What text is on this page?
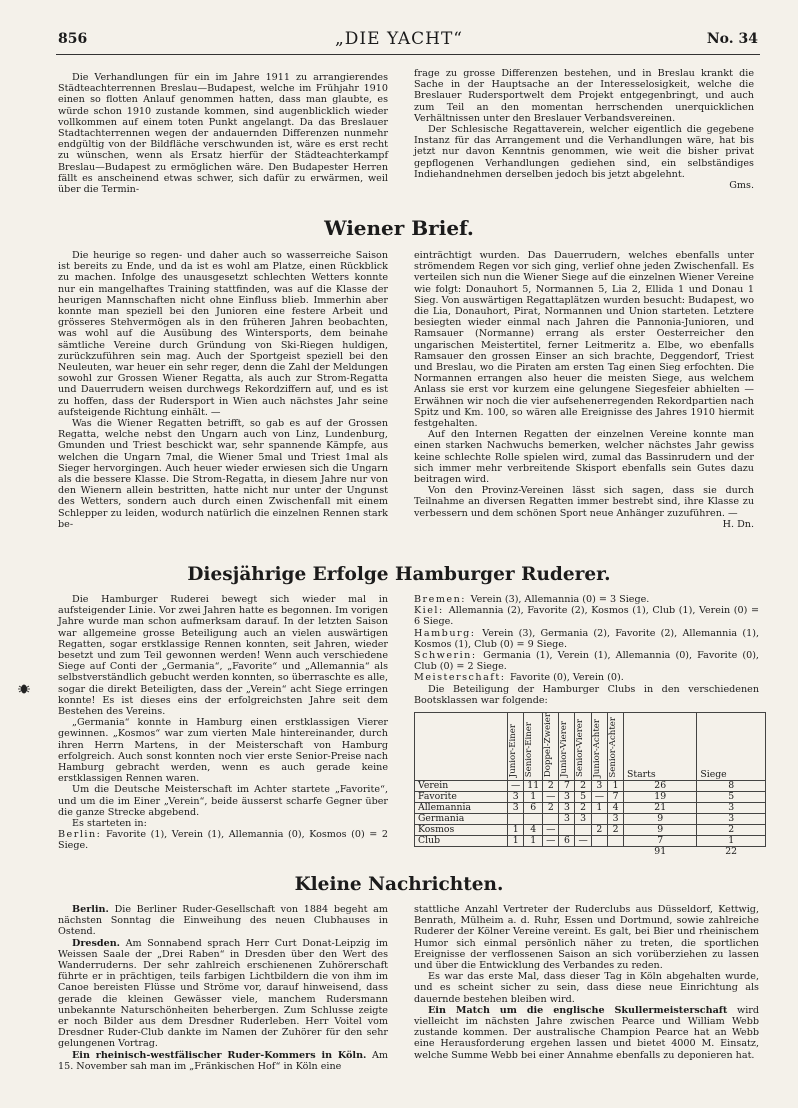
856	„DIE YACHT“	No. 34

Die Verhandlungen für ein im Jahre 1911 zu arrangierendes Städteachterrennen Breslau—Budapest, welche im Frühjahr 1910 einen so flotten Anlauf genommen hatten, dass man glaubte, es würde schon 1910 zustande kommen, sind augenblicklich wieder vollkommen auf einem toten Punkt angelangt. Da das Breslauer Stadtachterrennen wegen der andauernden Differenzen nunmehr endgültig von der Bildfläche verschwunden ist, wäre es erst recht zu wünschen, wenn als Ersatz hierfür der Städteachterkampf Breslau—Budapest zu ermöglichen wäre. Den Budapester Herren fällt es anscheinend etwas schwer, sich dafür zu erwärmen, weil über die Termin-

frage zu grosse Differenzen bestehen, und in Breslau krankt die Sache in der Hauptsache an der Interesselosigkeit, welche die Breslauer Rudersportwelt dem Projekt entgegenbringt, und auch zum Teil an den momentan herrschenden unerquicklichen Verhältnissen unter den Breslauer Verbandsvereinen.

Der Schlesische Regattaverein, welcher eigentlich die gegebene Instanz für das Arrangement und die Verhandlungen wäre, hat bis jetzt nur davon Kenntnis genommen, wie weit die bisher privat gepflogenen Verhandlungen gediehen sind, ein selbständiges Indiehandnehmen derselben jedoch bis jetzt abgelehnt.

Gms.

Wiener Brief.

Die heurige so regen- und daher auch so wasserreiche Saison ist bereits zu Ende, und da ist es wohl am Platze, einen Rückblick zu machen. Infolge des unausgesetzt schlechten Wetters konnte nur ein mangelhaftes Training stattfinden, was auf die Klasse der heurigen Mannschaften nicht ohne Einfluss blieb. Immerhin aber konnte man speziell bei den Junioren eine festere Arbeit und grösseres Stehvermögen als in den früheren Jahren beobachten, was wohl auf die Ausübung des Wintersports, dem beinahe sämtliche Vereine durch Gründung von Ski-Riegen huldigen, zurückzuführen sein mag. Auch der Sportgeist speziell bei den Neuleuten, war heuer ein sehr reger, denn die Zahl der Meldungen sowohl zur Grossen Wiener Regatta, als auch zur Strom-Regatta und Dauerrudern weisen durchwegs Rekordziffern auf, und es ist zu hoffen, dass der Rudersport in Wien auch nächstes Jahr seine aufsteigende Richtung einhält. —

Was die Wiener Regatten betrifft, so gab es auf der Grossen Regatta, welche nebst den Ungarn auch von Linz, Lundenburg, Gmunden und Triest beschickt war, sehr spannende Kämpfe, aus welchen die Ungarn 7mal, die Wiener 5mal und Triest 1mal als Sieger hervorgingen. Auch heuer wieder erwiesen sich die Ungarn als die bessere Klasse. Die Strom-Regatta, in diesem Jahre nur von den Wienern allein bestritten, hatte nicht nur unter der Ungunst des Wetters, sondern auch durch einen Zwischenfall mit einem Schlepper zu leiden, wodurch natürlich die einzelnen Rennen stark be-

einträchtigt wurden. Das Dauerrudern, welches ebenfalls unter strömendem Regen vor sich ging, verlief ohne jeden Zwischenfall. Es verteilen sich nun die Wiener Siege auf die einzelnen Wiener Vereine wie folgt: Donauhort 5, Normannen 5, Lia 2, Ellida 1 und Donau 1 Sieg. Von auswärtigen Regattaplätzen wurden besucht: Budapest, wo die Lia, Donauhort, Pirat, Normannen und Union starteten. Letztere besiegten wieder einmal nach Jahren die Pannonia-Junioren, und Ramsauer (Normanne) errang als erster Oesterreicher den ungarischen Meistertitel, ferner Leitmeritz a. Elbe, wo ebenfalls Ramsauer den grossen Einser an sich brachte, Deggendorf, Triest und Breslau, wo die Piraten am ersten Tag einen Sieg erfochten. Die Normannen errangen also heuer die meisten Siege, aus welchem Anlass sie erst vor kurzem eine gelungene Siegesfeier abhielten — Erwähnen wir noch die vier aufsehenerregenden Rekordpartien nach Spitz und Km. 100, so wären alle Ereignisse des Jahres 1910 hiermit festgehalten.

Auf den Internen Regatten der einzelnen Vereine konnte man einen starken Nachwuchs bemerken, welcher nächstes Jahr gewiss keine schlechte Rolle spielen wird, zumal das Bassinrudern und der sich immer mehr verbreitende Skisport ebenfalls sein Gutes dazu beitragen wird.

Von den Provinz-Vereinen lässt sich sagen, dass sie durch Teilnahme an diversen Regatten immer bestrebt sind, ihre Klasse zu verbessern und dem schönen Sport neue Anhänger zuzuführen. —

H. Dn.

Diesjährige Erfolge Hamburger Ruderer.

Die Hamburger Ruderei bewegt sich wieder mal in aufsteigender Linie. Vor zwei Jahren hatte es begonnen. Im vorigen Jahre wurde man schon aufmerksam darauf. In der letzten Saison war allgemeine grosse Beteiligung auch an vielen auswärtigen Regatten, sogar erstklassige Rennen konnten, seit Jahren, wieder besetzt und zum Teil gewonnen werden! Wenn auch verschiedene Siege auf Conti der „Germania“, „Favorite“ und „Allemannia“ als selbstverständlich gebucht werden konnten, so überraschte es alle, sogar die direkt Beteiligten, dass der „Verein“ acht Siege erringen konnte! Es ist dieses eins der erfolgreichsten Jahre seit dem Bestehen des Vereins.

„Germania“ konnte in Hamburg einen erstklassigen Vierer gewinnen. „Kosmos“ war zum vierten Male hintereinander, durch ihren Herrn Martens, in der Meisterschaft von Hamburg erfolgreich. Auch sonst konnten noch vier erste Senior-Preise nach Hamburg gebracht werden, wenn es auch gerade keine erstklassigen Rennen waren.

Um die Deutsche Meisterschaft im Achter startete „Favorite“, und um die im Einer „Verein“, beide äusserst scharfe Gegner über die ganze Strecke abgebend.

Es starteten in:

Berlin: Favorite (1), Verein (1), Allemannia (0), Kosmos (0) = 2 Siege.

Bremen: Verein (3), Allemannia (0) = 3 Siege.

Kiel: Allemannia (2), Favorite (2), Kosmos (1), Club (1), Verein (0) = 6 Siege.

Hamburg: Verein (3), Germania (2), Favorite (2), Allemannia (1), Kosmos (1), Club (0) = 9 Siege.

Schwerin: Germania (1), Verein (1), Allemannia (0), Favorite (0), Club (0) = 2 Siege.

Meisterschaft: Favorite (0), Verein (0).

Die Beteiligung der Hamburger Clubs in den verschiedenen Bootsklassen war folgende:

	Junior-Einer	Senior-Einer	Doppel-Zweier	Junior-Vierer	Senior-Vierer	Junior-Achter	Senior-Achter	Starts	Siege
Verein	—	11	2	7	2	3	1	26	8
Favorite	3	1	—	3	5	—	7	19	5
Allemannia	3	6	2	3	2	1	4	21	3
Germania				3	3		3	9	3
Kosmos	1	4	—			2	2	9	2
Club	1	1	—	6	—			7	1
								91	22
Kleine Nachrichten.

Berlin. Die Berliner Ruder-Gesellschaft von 1884 begeht am nächsten Sonntag die Einweihung des neuen Clubhauses in Ostend.

Dresden. Am Sonnabend sprach Herr Curt Donat-Leipzig im Weissen Saale der „Drei Raben“ in Dresden über den Wert des Wanderruderns. Der sehr zahlreich erschienenen Zuhörerschaft führte er in prächtigen, teils farbigen Lichtbildern die von ihm im Canoe bereisten Flüsse und Ströme vor, darauf hinweisend, dass gerade die kleinen Gewässer viele, manchem Rudersmann unbekannte Naturschönheiten beherbergen. Zum Schlusse zeigte er noch Bilder aus dem Dresdner Ruderleben. Herr Voitel vom Dresdner Ruder-Club dankte im Namen der Zuhörer für den sehr gelungenen Vortrag.

Ein rheinisch-westfälischer Ruder-Kommers in Köln. Am 15. November sah man im „Fränkischen Hof“ in Köln eine

stattliche Anzahl Vertreter der Ruderclubs aus Düsseldorf, Kettwig, Benrath, Mülheim a. d. Ruhr, Essen und Dortmund, sowie zahlreiche Ruderer der Kölner Vereine vereint. Es galt, bei Bier und rheinischem Humor sich einmal persönlich näher zu treten, die sportlichen Ereignisse der verflossenen Saison an sich vorüberziehen zu lassen und über die Entwicklung des Verbandes zu reden.

Es war das erste Mal, dass dieser Tag in Köln abgehalten wurde, und es scheint sicher zu sein, dass diese neue Einrichtung als dauernde bestehen bleiben wird.

Ein Match um die englische Skullermeisterschaft wird vielleicht im nächsten Jahre zwischen Pearce und William Webb zustande kommen. Der australische Champion Pearce hat an Webb eine Herausforderung ergehen lassen und bietet 4000 M. Einsatz, welche Summe Webb bei einer Annahme ebenfalls zu deponieren hat.
